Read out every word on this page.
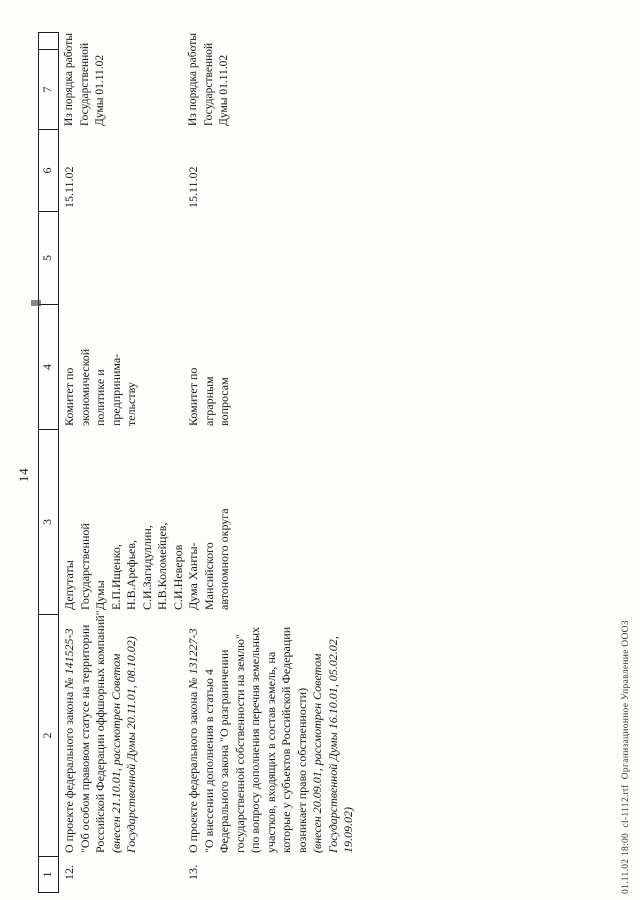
14
1
2
3
4
5
6
7
12.
О проекте федерального закона № 141525-3 "Об особом правовом статусе на территории Российской Федерации оффшорных компаний" (внесен 21.10.01, рассмотрен Советом Государственной Думы 20.11.01, 08.10.02)
Депутаты Государственной Думы Е.П.Ищенко, Н.В.Арефьев, С.И.Загидуллин, Н.В.Коломейцев, С.И.Неверов
Комитет по экономической политике и предпринима- тельству
15.11.02
Из порядка работы Государственной Думы 01.11.02
13.
О проекте федерального закона № 131227-3
"О внесении дополнения в статью 4 Федерального закона "О разграничении государственной собственности на землю" (по вопросу дополнения перечня земельных участков, входящих в состав земель, на которые у субъектов Российской Федерации возникает право собственности) (внесен 20.09.01, рассмотрен Советом Государственной Думы 16.10.01, 05.02.02, 19.09.02)
Дума Ханты- Мансийского автономного округа
Комитет по аграрным вопросам
15.11.02
Из порядка работы Государственной Думы 01.11.02
01.11.02 18:00  cl-1112.rtf  Организационное Управление ОООЗ
